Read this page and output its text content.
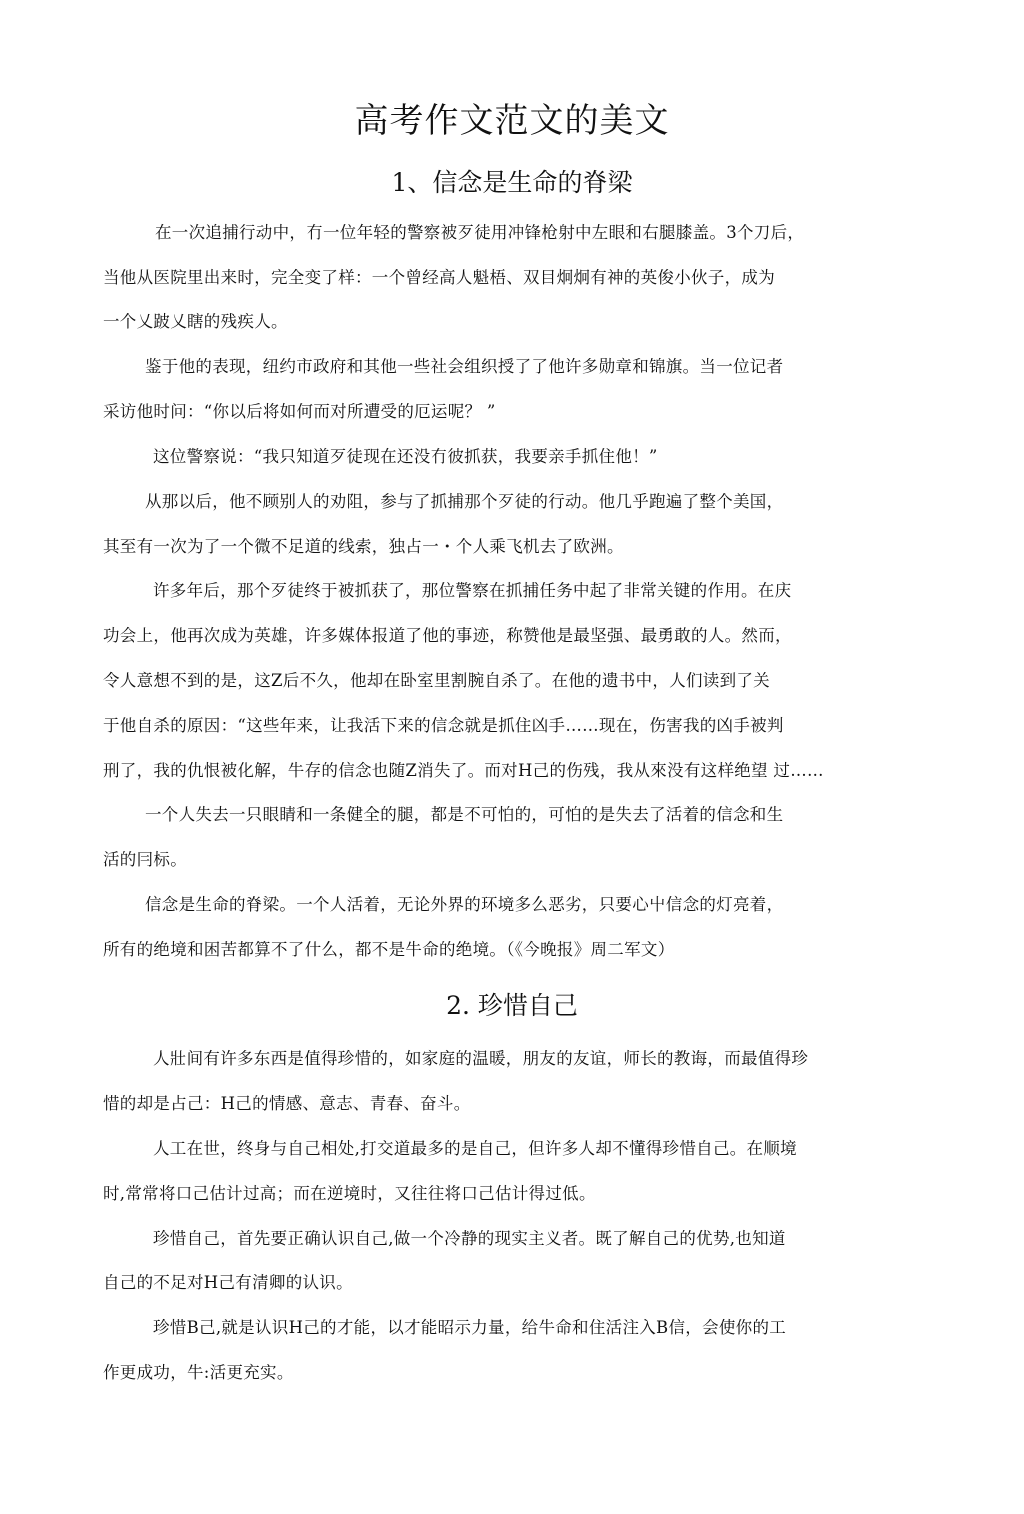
高考作文范文的美文
1、信念是生命的脊梁
在一次追捕行动中，冇一位年轻的警察被歹徒用冲锋枪射中左眼和右腿膝盖。3个刀后，
当他从医院里出来时，完全变了样：一个曾经高人魁梧、双目炯炯有神的英俊小伙子，成为
一个乂跛乂瞎的残疾人。
鉴于他的表现，纽约市政府和其他一些社会组织授了了他许多勋章和锦旗。当一位记者
采访他时问：“你以后将如何而对所遭受的厄运呢？ ”
这位警察说：“我只知道歹徒现在还没冇彼抓获，我要亲手抓住他！”
从那以后，他不顾别人的劝阻，参与了抓捕那个歹徒的行动。他几乎跑遍了整个美国，
其至有一次为了一个微不足道的线索，独占一・个人乘飞机去了欧洲。
许多年后，那个歹徒终于被抓获了，那位警察在抓捕任务中起了非常关键的作用。在庆
功会上，他再次成为英雄，许多媒体报道了他的事迹，称赞他是最坚强、最勇敢的人。然而，
令人意想不到的是，这Z后不久，他却在卧室里割腕自杀了。在他的遗书中，人们读到了关
于他自杀的原因：“这些年来，让我活下来的信念就是抓住凶手……现在，伤害我的凶手被判
刑了，我的仇恨被化解，牛存的信念也随Z消失了。而对H己的伤残，我从來没有这样绝望 过……
一个人失去一只眼睛和一条健全的腿，都是不可怕的，可怕的是失去了活着的信念和生
活的冃标。
信念是生命的脊梁。一个人活着，无论外界的环境多么恶劣，只要心屮信念的灯亮着，
所有的绝境和困苦都算不了什么，都不是牛命的绝境。（《今晚报》周二军文）
2. 珍惜自己
人壯间有许多东西是值得珍惜的，如家庭的温暖，朋友的友谊，师长的教诲，而最值得珍
惜的却是占己：H己的情感、意志、青春、奋斗。
人工在世，终身与自己相处,打交道最多的是自己，但许多人却不懂得珍惜自己。在顺境
时,常常将口己估计过高；而在逆境时，又往往将口己估计得过低。
珍惜自己，首先要正确认识自己,做一个冷静的现实主义者。既了解自己的优势,也知道
自己的不足对H己有清卿的认识。
珍惜B己,就是认识H己的才能，以才能昭示力量，给牛命和住活注入B信，会使你的工
作更成功，牛:活更充实。
